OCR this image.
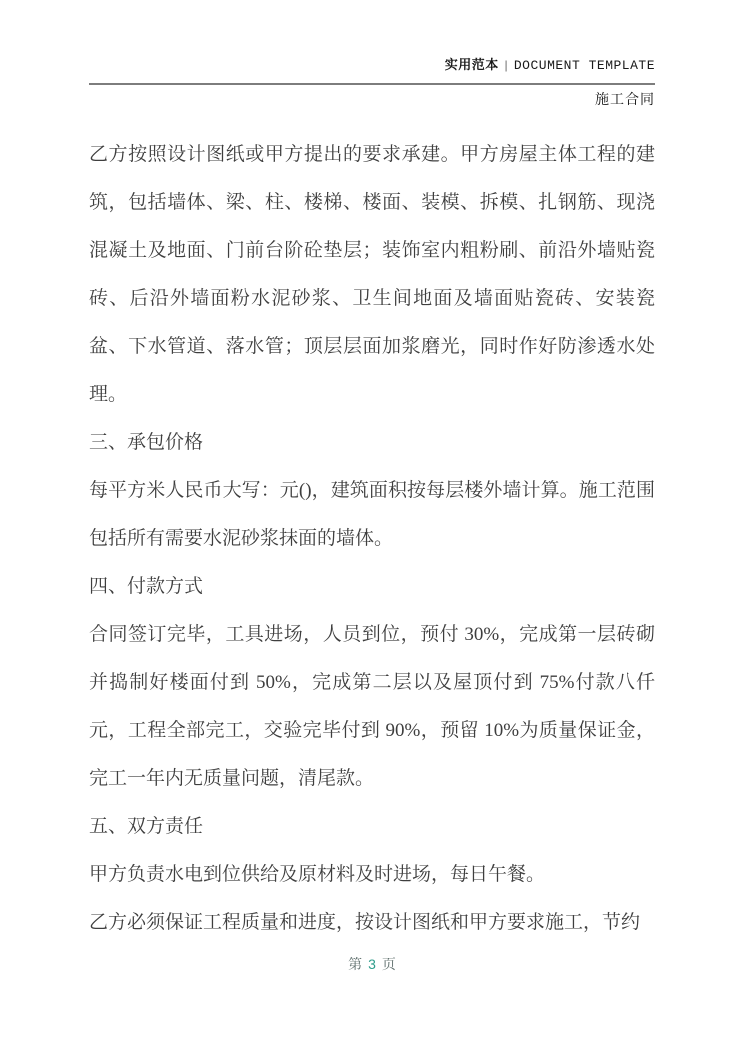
实用范本 | DOCUMENT TEMPLATE
施工合同

乙方按照设计图纸或甲方提出的要求承建。甲方房屋主体工程的建筑，包括墙体、梁、柱、楼梯、楼面、装模、拆模、扎钢筋、现浇混凝土及地面、门前台阶砼垫层；装饰室内粗粉刷、前沿外墙贴瓷砖、后沿外墙面粉水泥砂浆、卫生间地面及墙面贴瓷砖、安装瓷盆、下水管道、落水管；顶层层面加浆磨光，同时作好防渗透水处理。

三、承包价格

每平方米人民币大写：元()，建筑面积按每层楼外墙计算。施工范围包括所有需要水泥砂浆抹面的墙体。

四、付款方式

合同签订完毕，工具进场，人员到位，预付 30%，完成第一层砖砌并捣制好楼面付到 50%，完成第二层以及屋顶付到 75%付款八仟元，工程全部完工，交验完毕付到 90%，预留 10%为质量保证金，完工一年内无质量问题，清尾款。

五、双方责任

甲方负责水电到位供给及原材料及时进场，每日午餐。

乙方必须保证工程质量和进度，按设计图纸和甲方要求施工，节约

第 3 页
